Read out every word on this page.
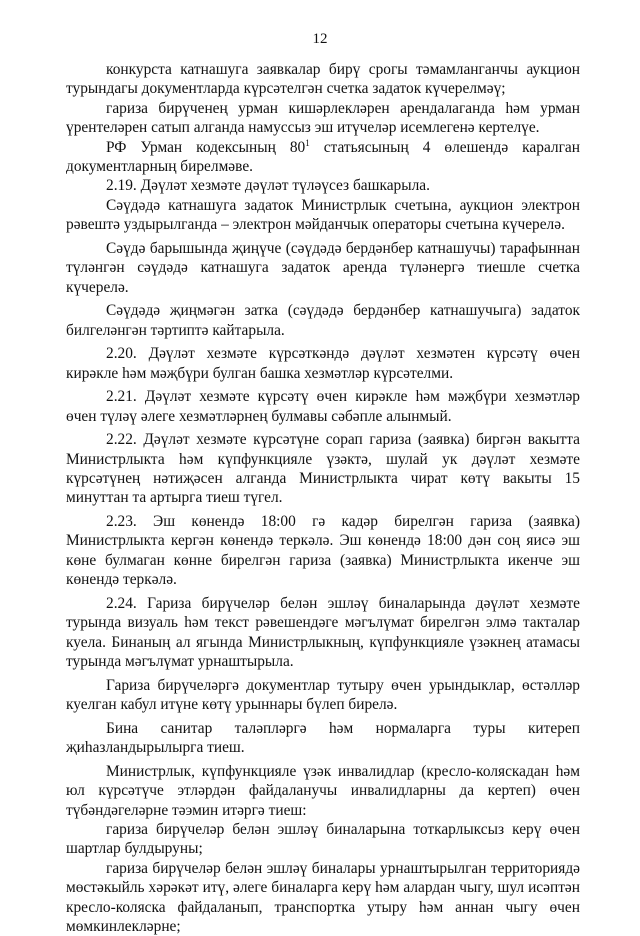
12

конкурста катнашуга заявкалар бирү срогы тәмамланганчы аукцион турындагы документларда күрсәтелгән счетка задаток күчерелмәү;

гариза бирүченең урман кишәрлекләрен арендалаганда һәм урман үрентеләрен сатып алганда намуссыз эш итүчеләр исемлегенә кертелүе.

РФ Урман кодексының $80^1$ статьясының 4 өлешендә каралган документларның бирелмәве.

2.19. Дәүләт хезмәте дәүләт түләүсез башкарыла.

Сәүдәдә катнашуга задаток Министрлык счетына, аукцион электрон рәвештә уздырылганда – электрон мәйданчык операторы счетына күчерелә.

Сәүдә барышында җиңүче (сәүдәдә бердәнбер катнашучы) тарафыннан түләнгән сәүдәдә катнашуга задаток аренда түләнергә тиешле счетка күчерелә.

Сәүдәдә җиңмәгән затка (сәүдәдә бердәнбер катнашучыга) задаток билгеләнгән тәртиптә кайтарыла.

2.20. Дәүләт хезмәте күрсәткәндә дәүләт хезмәтен күрсәтү өчен кирәкле һәм мәҗбүри булган башка хезмәтләр күрсәтелми.

2.21. Дәүләт хезмәте күрсәтү өчен кирәкле һәм мәҗбүри хезмәтләр өчен түләү әлеге хезмәтләрнең булмавы сәбәпле алынмый.

2.22. Дәүләт хезмәте күрсәтүне сорап гариза (заявка) биргән вакытта Министрлыкта һәм күпфункцияле үзәктә, шулай ук дәүләт хезмәте күрсәтүнең нәтиҗәсен алганда Министрлыкта чират көтү вакыты 15 минуттан та артырга тиеш түгел.

2.23. Эш көнендә 18:00 гә кадәр бирелгән гариза (заявка) Министрлыкта кергән көнендә теркәлә. Эш көнендә 18:00 дән соң яисә эш көне булмаган көнне бирелгән гариза (заявка) Министрлыкта икенче эш көнендә теркәлә.

2.24. Гариза бирүчеләр белән эшләү биналарында дәүләт хезмәте турында визуаль һәм текст рәвешендәге мәгълүмат бирелгән элмә такталар куела. Бинаның ал ягында Министрлыкның, күпфункцияле үзәкнең атамасы турында мәгълүмат урнаштырыла.

Гариза бирүчеләргә документлар тутыру өчен урындыклар, өстәлләр куелган кабул итүне көтү урыннары бүлеп бирелә.

Бина санитар таләпләргә һәм нормаларга туры китереп җиһазландырылырга тиеш.

Министрлык, күпфункцияле үзәк инвалидлар (кресло-коляскадан һәм юл күрсәтүче этләрдән файдаланучы инвалидларны да кертеп) өчен түбәндәгеләрне тәэмин итәргә тиеш:

гариза бирүчеләр белән эшләү биналарына тоткарлыксыз керү өчен шартлар булдыруны;

гариза бирүчеләр белән эшләү биналары урнаштырылган территориядә мөстәкыйль хәрәкәт итү, әлеге биналарга керү һәм алардан чыгу, шул исәптән кресло-коляска файдаланып, транспортка утыру һәм аннан чыгу өчен мөмкинлекләрне;
